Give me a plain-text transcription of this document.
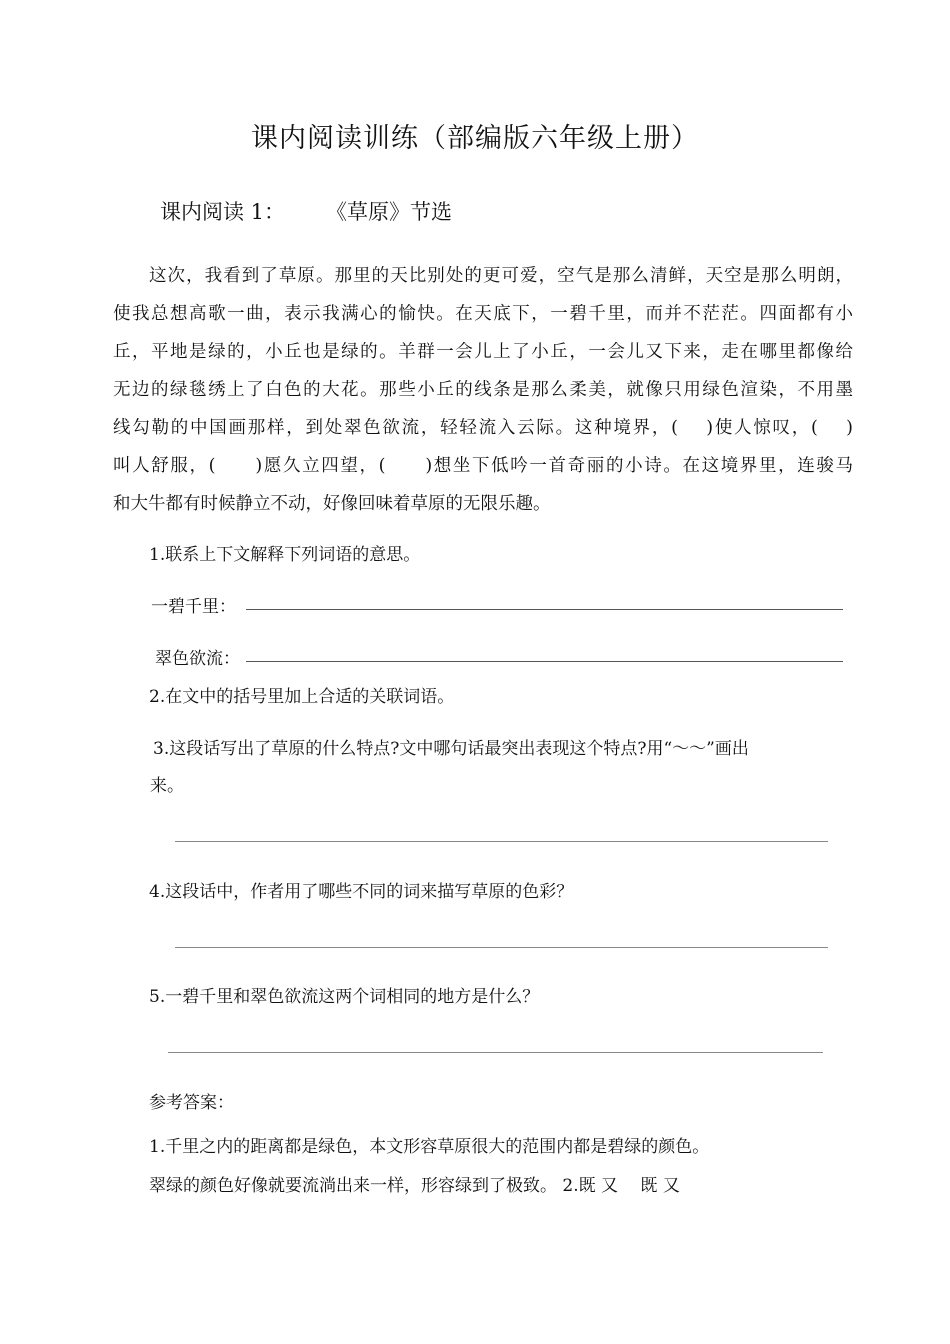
课内阅读训练（部编版六年级上册）
课内阅读 1： 《草原》节选
这次，我看到了草原。那里的天比别处的更可爱，空气是那么清鲜，天空是那么明朗，
使我总想高歌一曲，表示我满心的愉快。在天底下，一碧千里，而并不茫茫。四面都有小
丘，平地是绿的，小丘也是绿的。羊群一会儿上了小丘，一会儿又下来，走在哪里都像给
无边的绿毯绣上了白色的大花。那些小丘的线条是那么柔美，就像只用绿色渲染，不用墨
线勾勒的中国画那样，到处翠色欲流，轻轻流入云际。这种境界，(　 )使人惊叹，(　 )
叫人舒服，(　　)愿久立四望，(　　)想坐下低吟一首奇丽的小诗。在这境界里，连骏马
和大牛都有时候静立不动，好像回味着草原的无限乐趣。
1.联系上下文解释下列词语的意思。
一碧千里：
翠色欲流：
2.在文中的括号里加上合适的关联词语。
3.这段话写出了草原的什么特点?文中哪句话最突出表现这个特点?用“～～”画出
来。
4.这段话中，作者用了哪些不同的词来描写草原的色彩？
5.一碧千里和翠色欲流这两个词相同的地方是什么？
参考答案：
1.千里之内的距离都是绿色，本文形容草原很大的范围内都是碧绿的颜色。
翠绿的颜色好像就要流淌出来一样，形容绿到了极致。 2.既 又　 既 又
